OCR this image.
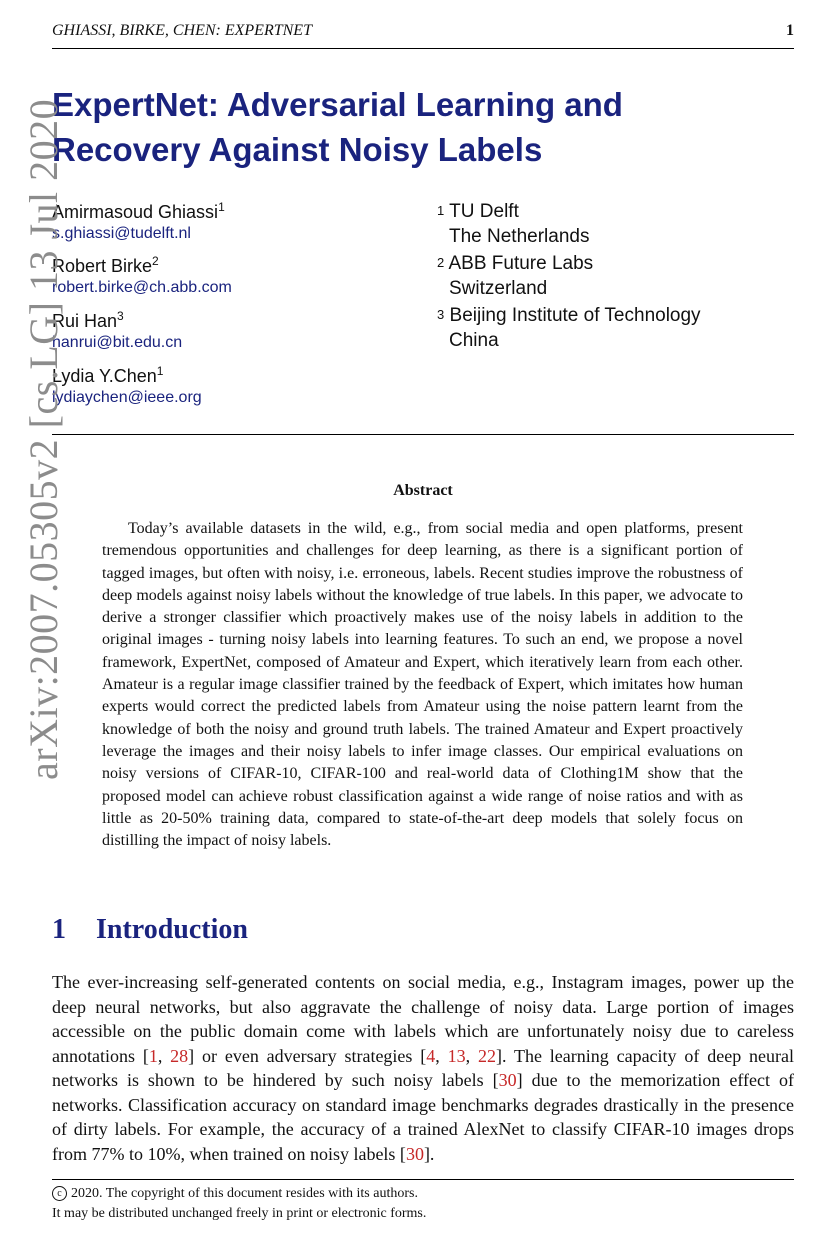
GHIASSI, BIRKE, CHEN: EXPERTNET	1
ExpertNet: Adversarial Learning and
Recovery Against Noisy Labels
Amirmasoud Ghiassi$^1$
s.ghiassi@tudelft.nl
Robert Birke$^2$
robert.birke@ch.abb.com
Rui Han$^3$
hanrui@bit.edu.cn
Lydia Y.Chen$^1$
lydiaychen@ieee.org
$^1$ TU Delft
The Netherlands
$^2$ ABB Future Labs
Switzerland
$^3$ Beijing Institute of Technology
China
Abstract
Today’s available datasets in the wild, e.g., from social media and open platforms, present tremendous opportunities and challenges for deep learning, as there is a significant portion of tagged images, but often with noisy, i.e. erroneous, labels. Recent studies improve the robustness of deep models against noisy labels without the knowledge of true labels. In this paper, we advocate to derive a stronger classifier which proactively makes use of the noisy labels in addition to the original images - turning noisy labels into learning features. To such an end, we propose a novel framework, ExpertNet, composed of Amateur and Expert, which iteratively learn from each other. Amateur is a regular image classifier trained by the feedback of Expert, which imitates how human experts would correct the predicted labels from Amateur using the noise pattern learnt from the knowledge of both the noisy and ground truth labels. The trained Amateur and Expert proactively leverage the images and their noisy labels to infer image classes. Our empirical evaluations on noisy versions of CIFAR-10, CIFAR-100 and real-world data of Clothing1M show that the proposed model can achieve robust classification against a wide range of noise ratios and with as little as 20-50% training data, compared to state-of-the-art deep models that solely focus on distilling the impact of noisy labels.
1 Introduction
The ever-increasing self-generated contents on social media, e.g., Instagram images, power up the deep neural networks, but also aggravate the challenge of noisy data. Large portion of images accessible on the public domain come with labels which are unfortunately noisy due to careless annotations [1, 28] or even adversary strategies [4, 13, 22]. The learning capacity of deep neural networks is shown to be hindered by such noisy labels [30] due to the memorization effect of networks. Classification accuracy on standard image benchmarks degrades drastically in the presence of dirty labels. For example, the accuracy of a trained AlexNet to classify CIFAR-10 images drops from 77% to 10%, when trained on noisy labels [30].
c 2020. The copyright of this document resides with its authors.
It may be distributed unchanged freely in print or electronic forms.
arXiv:2007.05305v2 [cs.LG] 13 Jul 2020
